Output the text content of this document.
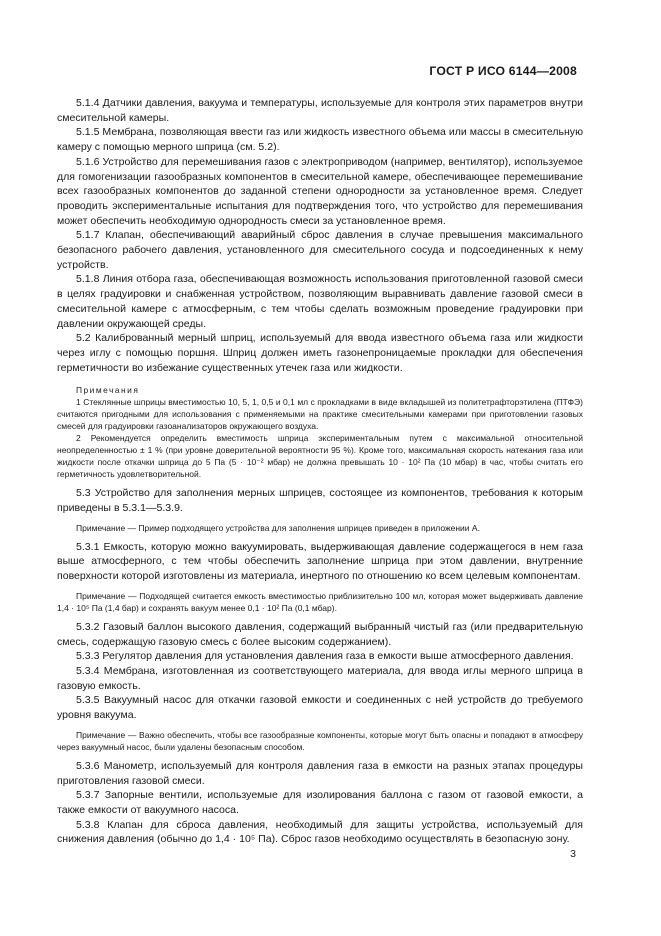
ГОСТ Р ИСО 6144—2008

5.1.4 Датчики давления, вакуума и температуры, используемые для контроля этих параметров внутри смесительной камеры.

5.1.5 Мембрана, позволяющая ввести газ или жидкость известного объема или массы в смесительную камеру с помощью мерного шприца (см. 5.2).

5.1.6 Устройство для перемешивания газов с электроприводом (например, вентилятор), используемое для гомогенизации газообразных компонентов в смесительной камере, обеспечивающее перемешивание всех газообразных компонентов до заданной степени однородности за установленное время. Следует проводить экспериментальные испытания для подтверждения того, что устройство для перемешивания может обеспечить необходимую однородность смеси за установленное время.

5.1.7 Клапан, обеспечивающий аварийный сброс давления в случае превышения максимального безопасного рабочего давления, установленного для смесительного сосуда и подсоединенных к нему устройств.

5.1.8 Линия отбора газа, обеспечивающая возможность использования приготовленной газовой смеси в целях градуировки и снабженная устройством, позволяющим выравнивать давление газовой смеси в смесительной камере с атмосферным, с тем чтобы сделать возможным проведение градуировки при давлении окружающей среды.

5.2 Калиброванный мерный шприц, используемый для ввода известного объема газа или жидкости через иглу с помощью поршня. Шприц должен иметь газонепроницаемые прокладки для обеспечения герметичности во избежание существенных утечек газа или жидкости.

Примечания

1 Стеклянные шприцы вместимостью 10, 5, 1, 0,5 и 0,1 мл с прокладками в виде вкладышей из политетрафторэтилена (ПТФЭ) считаются пригодными для использования с применяемыми на практике смесительными камерами при приготовлении газовых смесей для градуировки газоанализаторов окружающего воздуха.

2 Рекомендуется определить вместимость шприца экспериментальным путем с максимальной относительной неопределенностью ± 1 % (при уровне доверительной вероятности 95 %). Кроме того, максимальная скорость натекания газа или жидкости после откачки шприца до 5 Па (5 · 10⁻² мбар) не должна превышать 10 · 10² Па (10 мбар) в час, чтобы считать его герметичность удовлетворительной.

5.3 Устройство для заполнения мерных шприцев, состоящее из компонентов, требования к которым приведены в 5.3.1—5.3.9.

Примечание — Пример подходящего устройства для заполнения шприцев приведен в приложении А.

5.3.1 Емкость, которую можно вакуумировать, выдерживающая давление содержащегося в нем газа выше атмосферного, с тем чтобы обеспечить заполнение шприца при этом давлении, внутренние поверхности которой изготовлены из материала, инертного по отношению ко всем целевым компонентам.

Примечание — Подходящей считается емкость вместимостью приблизительно 100 мл, которая может выдерживать давление 1,4 · 10⁵ Па (1,4 бар) и сохранять вакуум менее 0,1 · 10² Па (0,1 мбар).

5.3.2 Газовый баллон высокого давления, содержащий выбранный чистый газ (или предварительную смесь, содержащую газовую смесь с более высоким содержанием).

5.3.3 Регулятор давления для установления давления газа в емкости выше атмосферного давления.

5.3.4 Мембрана, изготовленная из соответствующего материала, для ввода иглы мерного шприца в газовую емкость.

5.3.5 Вакуумный насос для откачки газовой емкости и соединенных с ней устройств до требуемого уровня вакуума.

Примечание — Важно обеспечить, чтобы все газообразные компоненты, которые могут быть опасны и попадают в атмосферу через вакуумный насос, были удалены безопасным способом.

5.3.6 Манометр, используемый для контроля давления газа в емкости на разных этапах процедуры приготовления газовой смеси.

5.3.7 Запорные вентили, используемые для изолирования баллона с газом от газовой емкости, а также емкости от вакуумного насоса.

5.3.8 Клапан для сброса давления, необходимый для защиты устройства, используемый для снижения давления (обычно до 1,4 · 10⁵ Па). Сброс газов необходимо осуществлять в безопасную зону.

3
